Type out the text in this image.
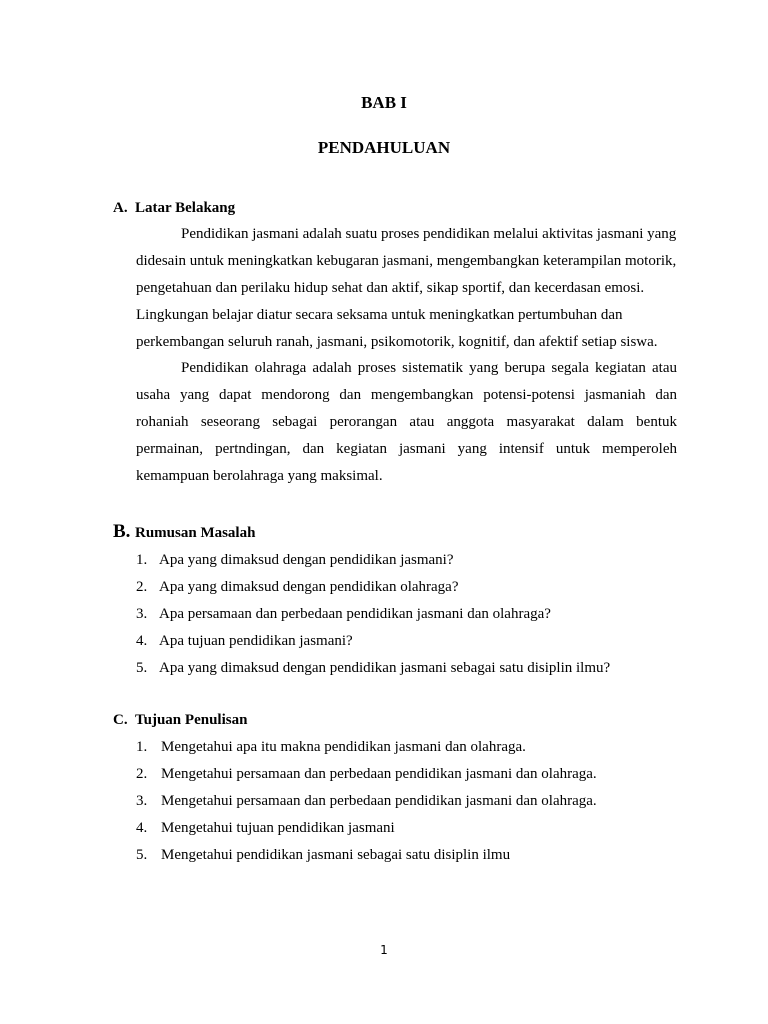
BAB I
PENDAHULUAN
A. Latar Belakang

Pendidikan jasmani adalah suatu proses pendidikan melalui aktivitas jasmani yang didesain untuk meningkatkan kebugaran jasmani, mengembangkan keterampilan motorik, pengetahuan dan perilaku hidup sehat dan aktif, sikap sportif, dan kecerdasan emosi. Lingkungan belajar diatur secara seksama untuk meningkatkan pertumbuhan dan perkembangan seluruh ranah, jasmani, psikomotorik, kognitif, dan afektif setiap siswa.

Pendidikan olahraga adalah proses sistematik yang berupa segala kegiatan atau usaha yang dapat mendorong dan mengembangkan potensi-potensi jasmaniah dan rohaniah seseorang sebagai perorangan atau anggota masyarakat dalam bentuk permainan, pertndingan, dan kegiatan jasmani yang intensif untuk memperoleh kemampuan berolahraga yang maksimal.

B. Rumusan Masalah
1. Apa yang dimaksud dengan pendidikan jasmani?
2. Apa yang dimaksud dengan pendidikan olahraga?
3. Apa persamaan dan perbedaan pendidikan jasmani dan olahraga?
4. Apa tujuan pendidikan jasmani?
5. Apa yang dimaksud dengan pendidikan jasmani sebagai satu disiplin ilmu?
C. Tujuan Penulisan
1. Mengetahui apa itu makna pendidikan jasmani dan olahraga.
2. Mengetahui persamaan dan perbedaan pendidikan jasmani dan olahraga.
3. Mengetahui persamaan dan perbedaan pendidikan jasmani dan olahraga.
4. Mengetahui tujuan pendidikan jasmani
5. Mengetahui pendidikan jasmani sebagai satu disiplin ilmu
1
